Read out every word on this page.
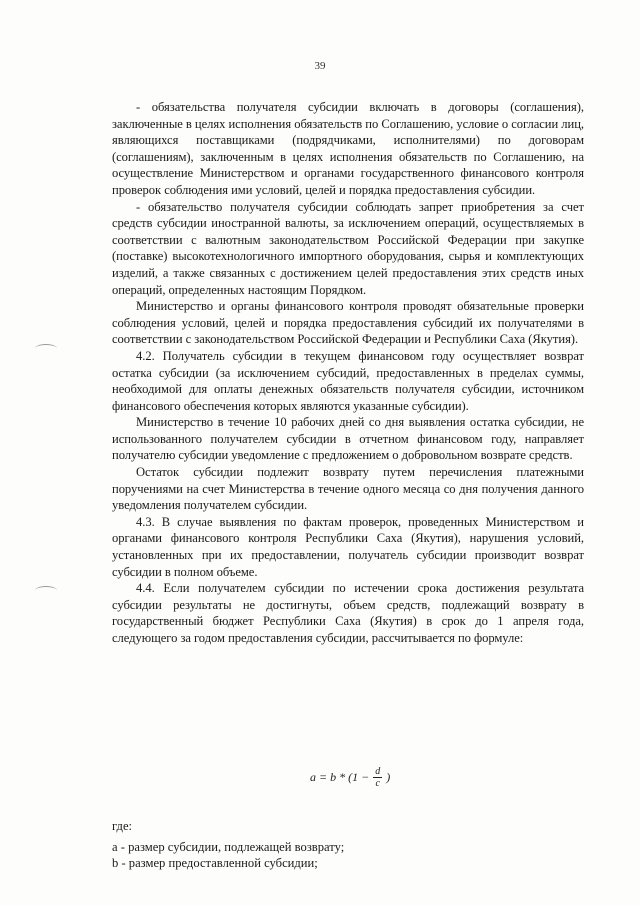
39

- обязательства получателя субсидии включать в договоры (соглашения), заключенные в целях исполнения обязательств по Соглашению, условие о согласии лиц, являющихся поставщиками (подрядчиками, исполнителями) по договорам (соглашениям), заключенным в целях исполнения обязательств по Соглашению, на осуществление Министерством и органами государственного финансового контроля проверок соблюдения ими условий, целей и порядка предоставления субсидии.

- обязательство получателя субсидии соблюдать запрет приобретения за счет средств субсидии иностранной валюты, за исключением операций, осуществляемых в соответствии с валютным законодательством Российской Федерации при закупке (поставке) высокотехнологичного импортного оборудования, сырья и комплектующих изделий, а также связанных с достижением целей предоставления этих средств иных операций, определенных настоящим Порядком.

Министерство и органы финансового контроля проводят обязательные проверки соблюдения условий, целей и порядка предоставления субсидий их получателями в соответствии с законодательством Российской Федерации и Республики Саха (Якутия).

4.2. Получатель субсидии в текущем финансовом году осуществляет возврат остатка субсидии (за исключением субсидий, предоставленных в пределах суммы, необходимой для оплаты денежных обязательств получателя субсидии, источником финансового обеспечения которых являются указанные субсидии).

Министерство в течение 10 рабочих дней со дня выявления остатка субсидии, не использованного получателем субсидии в отчетном финансовом году, направляет получателю субсидии уведомление с предложением о добровольном возврате средств.

Остаток субсидии подлежит возврату путем перечисления платежными поручениями на счет Министерства в течение одного месяца со дня получения данного уведомления получателем субсидии.

4.3. В случае выявления по фактам проверок, проведенных Министерством и органами финансового контроля Республики Саха (Якутия), нарушения условий, установленных при их предоставлении, получатель субсидии производит возврат субсидии в полном объеме.

4.4. Если получателем субсидии по истечении срока достижения результата субсидии результаты не достигнуты, объем средств, подлежащий возврату в государственный бюджет Республики Саха (Якутия) в срок до 1 апреля года, следующего за годом предоставления субсидии, рассчитывается по формуле:

$a = b * (1 - \frac{d}{c}$ )

где:

a - размер субсидии, подлежащей возврату;

b - размер предоставленной субсидии;
